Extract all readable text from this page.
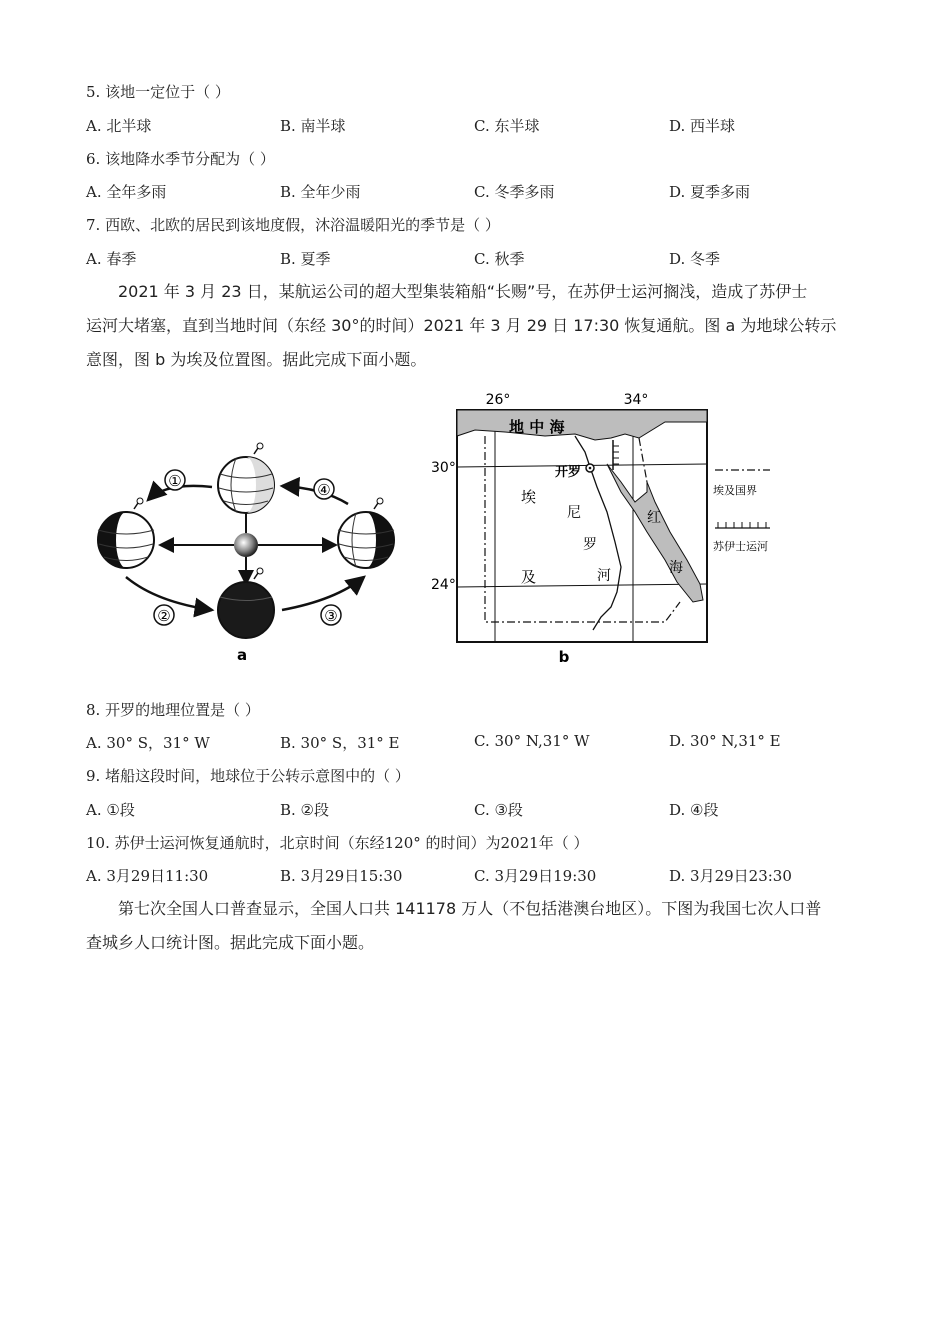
5. 该地一定位于（ ）
A. 北半球	B. 南半球	C. 东半球	D. 西半球
6. 该地降水季节分配为（ ）
A. 全年多雨	B. 全年少雨	C. 冬季多雨	D. 夏季多雨
7. 西欧、北欧的居民到该地度假，沐浴温暖阳光的季节是（ ）
A. 春季	B. 夏季	C. 秋季	D. 冬季
2021 年 3 月 23 日，某航运公司的超大型集装箱船“长赐”号，在苏伊士运河搁浅，造成了苏伊士
运河大堵塞，直到当地时间（东经 30°的时间）2021 年 3 月 29 日 17:30 恢复通航。图 a 为地球公转示
意图，图 b 为埃及位置图。据此完成下面小题。
①
②	③
④
a
26°	34°
30°
24°
地 中 海
开罗
埃
及
尼
罗
河
红
海
埃及国界
苏伊士运河
b
8. 开罗的地理位置是（ ）
A. 30° S，31° W	B. 30° S，31° E	C. 30° N,31° W	D. 30° N,31° E
9. 堵船这段时间，地球位于公转示意图中的（ ）
A. ①段	B. ②段	C. ③段	D. ④段
10. 苏伊士运河恢复通航时，北京时间（东经120° 的时间）为2021年（ ）
A. 3月29日11:30	B. 3月29日15:30	C. 3月29日19:30	D. 3月29日23:30
第七次全国人口普查显示，全国人口共 141178 万人（不包括港澳台地区）。下图为我国七次人口普
查城乡人口统计图。据此完成下面小题。
